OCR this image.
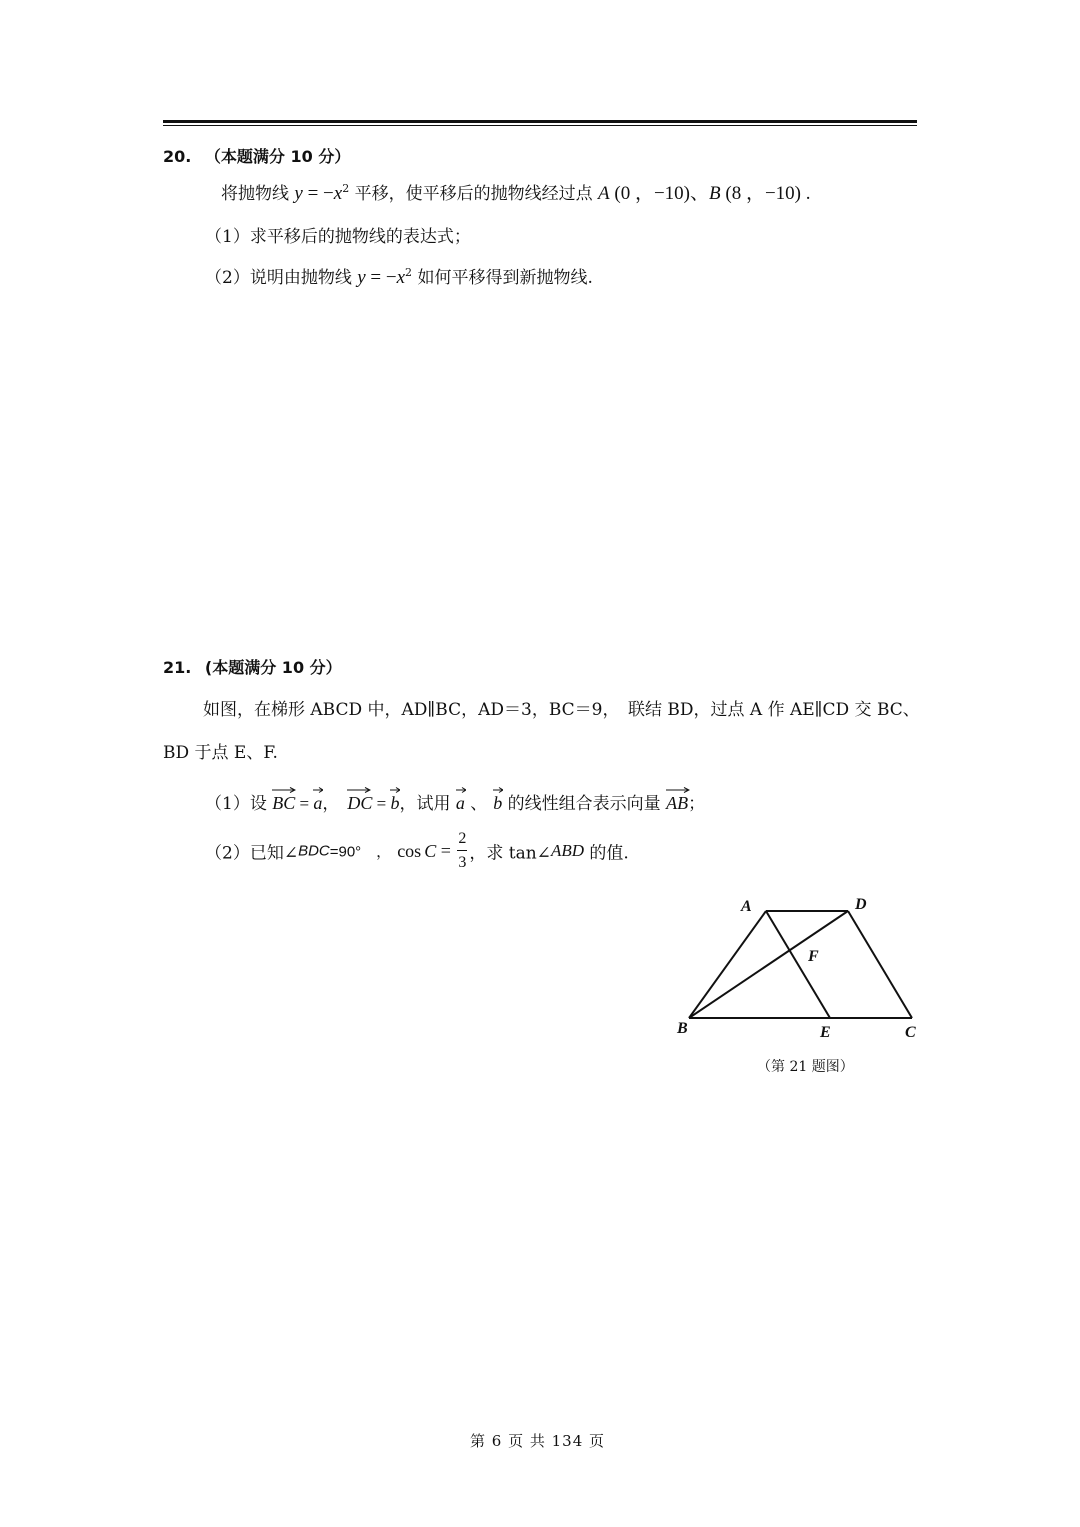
20. （本题满分 10 分）
将抛物线 $y = -x^2$ 平移，使平移后的抛物线经过点 A (0 ，−10)、B (8 ，−10) .
（1）求平移后的抛物线的表达式；
（2）说明由抛物线 $y = -x^2$ 如何平移得到新抛物线.
21. (本题满分 10 分）
如图，在梯形 ABCD 中，AD∥BC，AD＝3，BC＝9，　联结 BD，过点 A 作 AE∥CD 交 BC、
BD 于点 E、F.
（1）设
BC =
a， DC =
b，试用
a 、 b 的线性组合表示向量
AB；
（2）已知∠BDC=90°　， $\cos C = \frac{2}{3}$ ，求 tan∠ABD 的值.
A	D
F
B	E	C
（第 21 题图）
第 6 页 共 134 页
